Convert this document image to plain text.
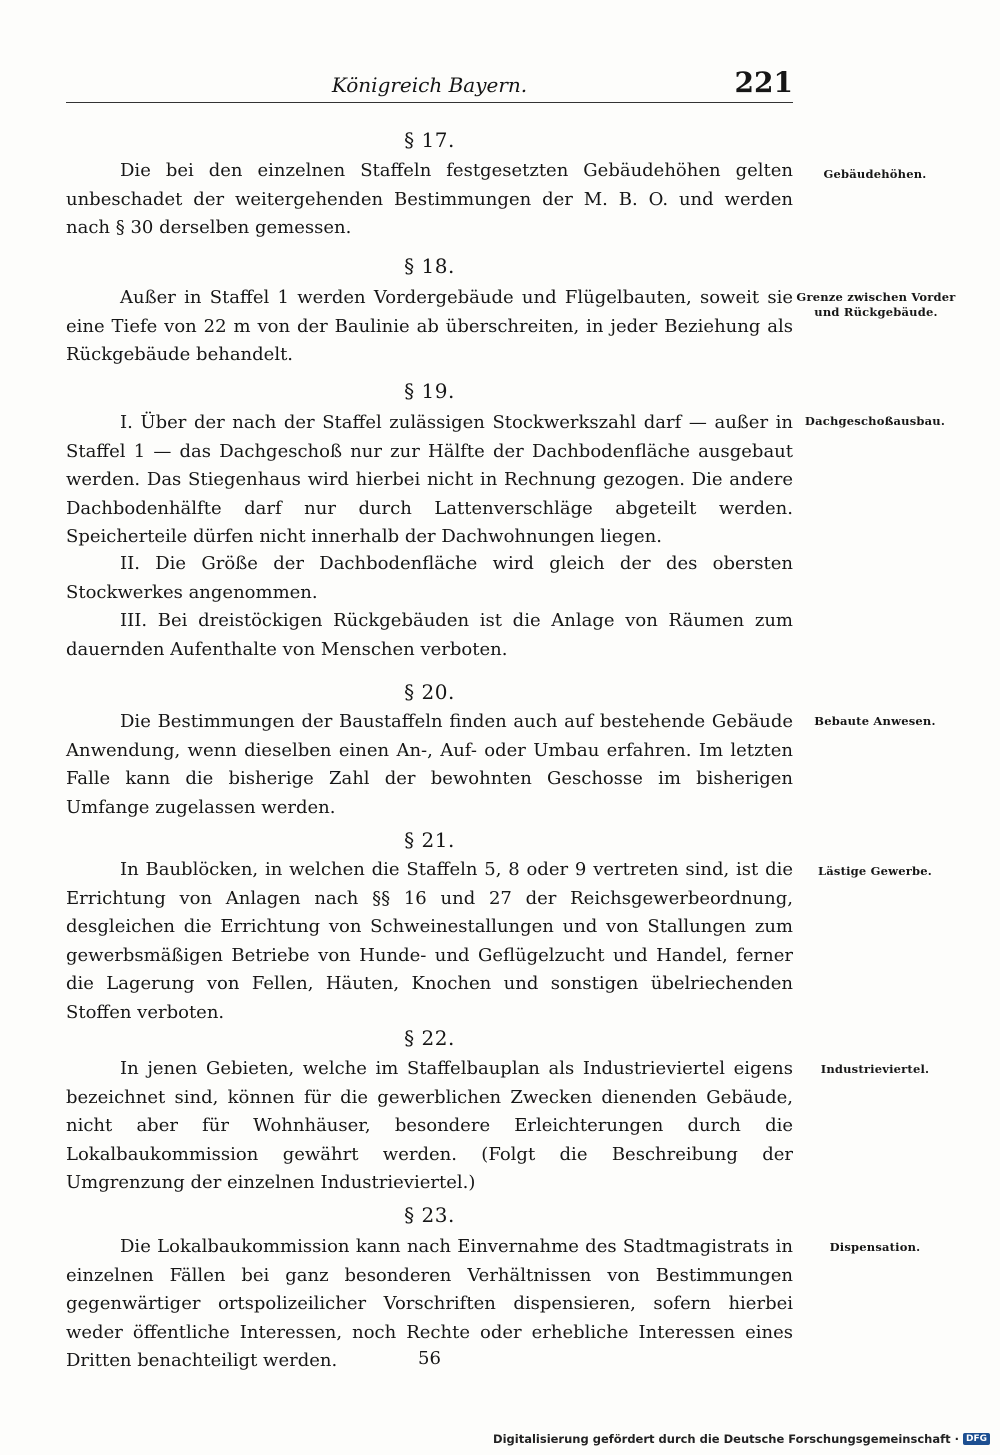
Königreich Bayern.	221
§ 17.
Die bei den einzelnen Staffeln festgesetzten Gebäudehöhen gelten unbeschadet der weitergehenden Bestimmungen der M. B. O. und werden nach § 30 derselben gemessen.
Gebäudehöhen.
§ 18.
Außer in Staffel 1 werden Vordergebäude und Flügelbauten, soweit sie eine Tiefe von 22 m von der Baulinie ab überschreiten, in jeder Beziehung als Rückgebäude behandelt.
Grenze zwischen Vorder und Rückgebäude.
§ 19.
I. Über der nach der Staffel zulässigen Stockwerkszahl darf — außer in Staffel 1 — das Dachgeschoß nur zur Hälfte der Dachbodenfläche ausgebaut werden. Das Stiegenhaus wird hierbei nicht in Rechnung gezogen. Die andere Dachbodenhälfte darf nur durch Lattenverschläge abgeteilt werden. Speicherteile dürfen nicht innerhalb der Dachwohnungen liegen.
II. Die Größe der Dachbodenfläche wird gleich der des obersten Stockwerkes angenommen.
III. Bei dreistöckigen Rückgebäuden ist die Anlage von Räumen zum dauernden Aufenthalte von Menschen verboten.
Dachgeschoßausbau.
§ 20.
Die Bestimmungen der Baustaffeln finden auch auf bestehende Gebäude Anwendung, wenn dieselben einen An-, Auf- oder Umbau erfahren. Im letzten Falle kann die bisherige Zahl der bewohnten Geschosse im bisherigen Umfange zugelassen werden.
Bebaute Anwesen.
§ 21.
In Baublöcken, in welchen die Staffeln 5, 8 oder 9 vertreten sind, ist die Errichtung von Anlagen nach §§ 16 und 27 der Reichsgewerbeordnung, desgleichen die Errichtung von Schweinestallungen und von Stallungen zum gewerbsmäßigen Betriebe von Hunde- und Geflügelzucht und Handel, ferner die Lagerung von Fellen, Häuten, Knochen und sonstigen übelriechenden Stoffen verboten.
Lästige Gewerbe.
§ 22.
In jenen Gebieten, welche im Staffelbauplan als Industrieviertel eigens bezeichnet sind, können für die gewerblichen Zwecken dienenden Gebäude, nicht aber für Wohnhäuser, besondere Erleichterungen durch die Lokalbaukommission gewährt werden. (Folgt die Beschreibung der Umgrenzung der einzelnen Industrieviertel.)
Industrieviertel.
§ 23.
Die Lokalbaukommission kann nach Einvernahme des Stadtmagistrats in einzelnen Fällen bei ganz besonderen Verhältnissen von Bestimmungen gegenwärtiger ortspolizeilicher Vorschriften dispensieren, sofern hierbei weder öffentliche Interessen, noch Rechte oder erhebliche Interessen eines Dritten benachteiligt werden.
Dispensation.
56
Digitalisierung gefördert durch die Deutsche Forschungsgemeinschaft · DFG
